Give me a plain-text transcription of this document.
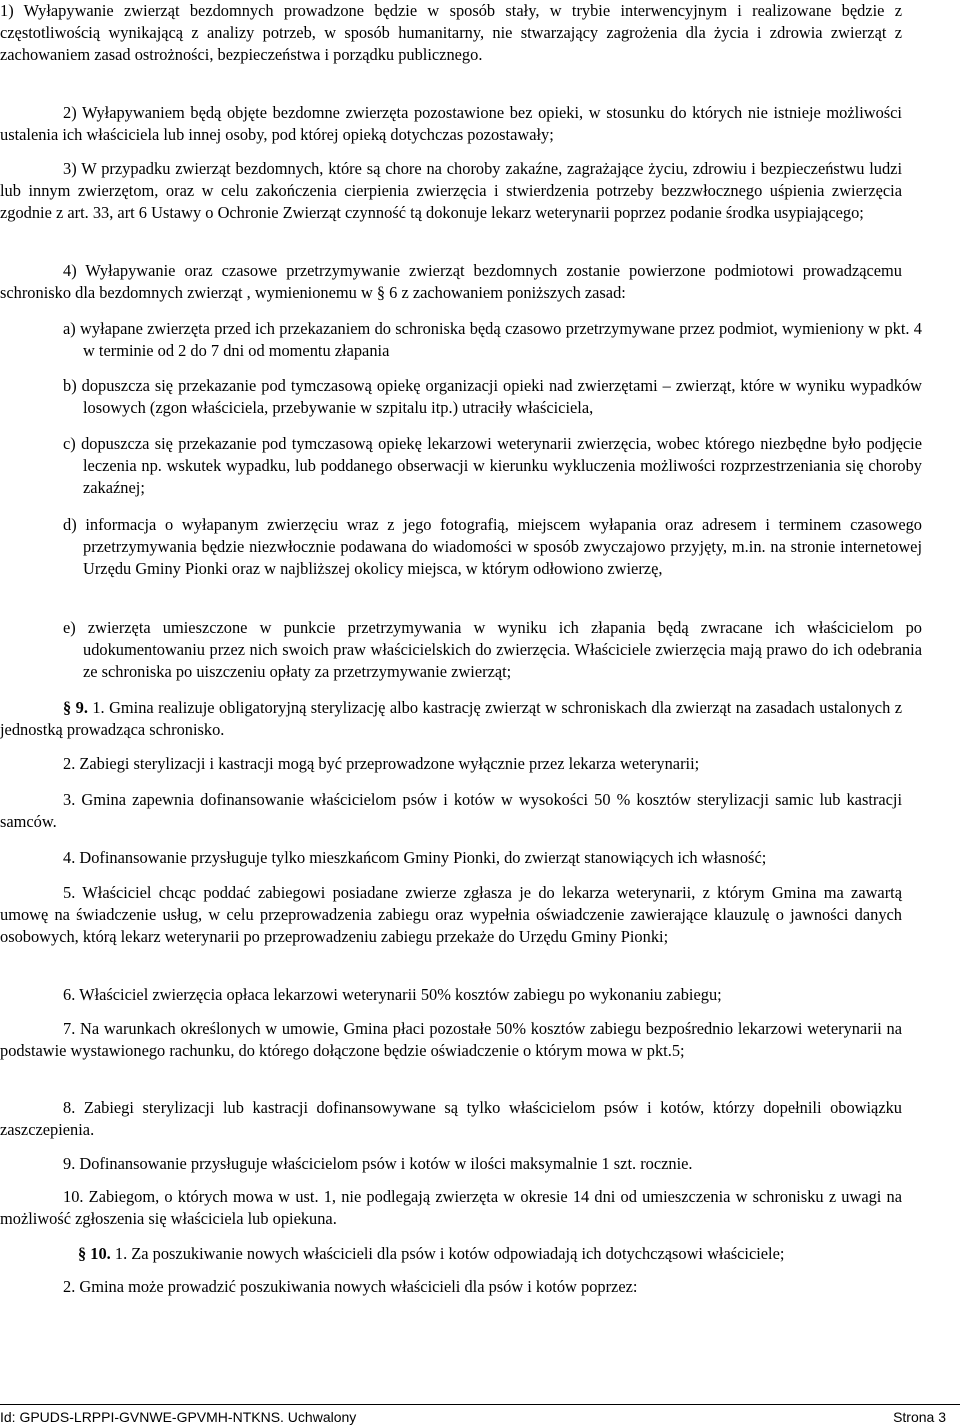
1) Wyłapywanie zwierząt bezdomnych prowadzone będzie w sposób stały, w trybie interwencyjnym i realizowane będzie z częstotliwością wynikającą z analizy potrzeb, w sposób humanitarny, nie stwarzający zagrożenia dla życia i zdrowia zwierząt z zachowaniem zasad ostrożności, bezpieczeństwa i porządku publicznego.

2) Wyłapywaniem będą objęte bezdomne zwierzęta pozostawione bez opieki, w stosunku do których nie istnieje możliwości ustalenia ich właściciela lub innej osoby, pod której opieką dotychczas pozostawały;

3) W przypadku zwierząt bezdomnych, które są chore na choroby zakaźne, zagrażające życiu, zdrowiu i bezpieczeństwu ludzi lub innym zwierzętom, oraz w celu zakończenia cierpienia zwierzęcia i stwierdzenia potrzeby bezzwłocznego uśpienia zwierzęcia zgodnie z art. 33, art 6 Ustawy o Ochronie Zwierząt czynność tą dokonuje lekarz weterynarii poprzez podanie środka usypiającego;

4) Wyłapywanie oraz czasowe przetrzymywanie zwierząt bezdomnych zostanie powierzone podmiotowi prowadzącemu schronisko dla bezdomnych zwierząt , wymienionemu w § 6 z zachowaniem poniższych zasad:

a) wyłapane zwierzęta przed ich przekazaniem do schroniska będą czasowo przetrzymywane przez podmiot, wymieniony w pkt. 4 w terminie od 2 do 7 dni od momentu złapania

b) dopuszcza się przekazanie pod tymczasową opiekę organizacji opieki nad zwierzętami – zwierząt, które w wyniku wypadków losowych (zgon właściciela, przebywanie w szpitalu itp.) utraciły właściciela,

c) dopuszcza się przekazanie pod tymczasową opiekę lekarzowi weterynarii zwierzęcia, wobec którego niezbędne było podjęcie leczenia np. wskutek wypadku, lub poddanego obserwacji w kierunku wykluczenia możliwości rozprzestrzeniania się choroby zakaźnej;

d) informacja o wyłapanym zwierzęciu wraz z jego fotografią, miejscem wyłapania oraz adresem i terminem czasowego przetrzymywania będzie niezwłocznie podawana do wiadomości w sposób zwyczajowo przyjęty, m.in. na stronie internetowej Urzędu Gminy Pionki oraz w najbliższej okolicy miejsca, w którym odłowiono zwierzę,

e) zwierzęta umieszczone w punkcie przetrzymywania w wyniku ich złapania będą zwracane ich właścicielom po udokumentowaniu przez nich swoich praw właścicielskich do zwierzęcia. Właściciele zwierzęcia mają prawo do ich odebrania ze schroniska po uiszczeniu opłaty za przetrzymywanie zwierząt;

§ 9. 1. Gmina realizuje obligatoryjną sterylizację albo kastrację zwierząt w schroniskach dla zwierząt na zasadach ustalonych z jednostką prowadząca schronisko.

2. Zabiegi sterylizacji i kastracji mogą być przeprowadzone wyłącznie przez lekarza weterynarii;

3. Gmina zapewnia dofinansowanie właścicielom psów i kotów w wysokości 50 % kosztów sterylizacji samic lub kastracji samców.

4. Dofinansowanie przysługuje tylko mieszkańcom Gminy Pionki, do zwierząt stanowiących ich własność;

5. Właściciel chcąc poddać zabiegowi posiadane zwierze zgłasza je do lekarza weterynarii, z którym Gmina ma zawartą umowę na świadczenie usług, w celu przeprowadzenia zabiegu oraz wypełnia oświadczenie zawierające klauzulę o jawności danych osobowych, którą lekarz weterynarii po przeprowadzeniu zabiegu przekaże do Urzędu Gminy Pionki;

6. Właściciel zwierzęcia opłaca lekarzowi weterynarii 50% kosztów zabiegu po wykonaniu zabiegu;

7. Na warunkach określonych w umowie, Gmina płaci pozostałe 50% kosztów zabiegu bezpośrednio lekarzowi weterynarii na podstawie wystawionego rachunku, do którego dołączone będzie oświadczenie o którym mowa w pkt.5;

8. Zabiegi sterylizacji lub kastracji dofinansowywane są tylko właścicielom psów i kotów, którzy dopełnili obowiązku zaszczepienia.

9. Dofinansowanie przysługuje właścicielom psów i kotów w ilości maksymalnie 1 szt. rocznie.

10. Zabiegom, o których mowa w ust. 1, nie podlegają zwierzęta w okresie 14 dni od umieszczenia w schronisku z uwagi na możliwość zgłoszenia się właściciela lub opiekuna.

§ 10. 1. Za poszukiwanie nowych właścicieli dla psów i kotów odpowiadają ich dotychcząsowi właściciele;

2. Gmina może prowadzić poszukiwania nowych właścicieli dla psów i kotów poprzez:

Id: GPUDS-LRPPI-GVNWE-GPVMH-NTKNS. Uchwalony	Strona 3
